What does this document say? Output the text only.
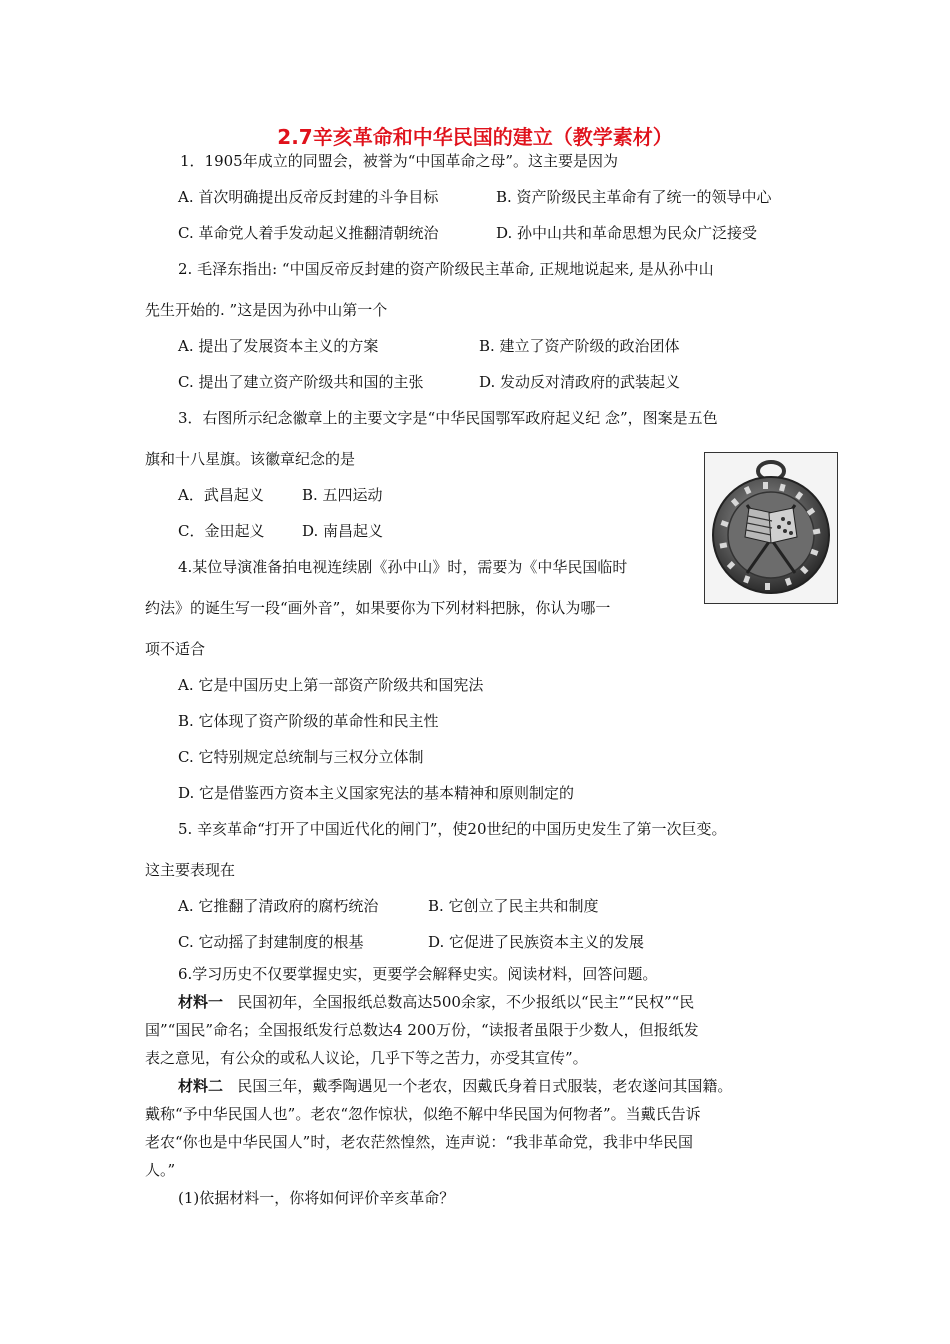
2.7辛亥革命和中华民国的建立（教学素材）
1．1905年成立的同盟会，被誉为“中国革命之母”。这主要是因为
A. 首次明确提出反帝反封建的斗争目标	B. 资产阶级民主革命有了统一的领导中心
C. 革命党人着手发动起义推翻清朝统治	D. 孙中山共和革命思想为民众广泛接受
2. 毛泽东指出: “中国反帝反封建的资产阶级民主革命, 正规地说起来, 是从孙中山
先生开始的. ”这是因为孙中山第一个
A. 提出了发展资本主义的方案	B. 建立了资产阶级的政治团体
C. 提出了建立资产阶级共和国的主张	D. 发动反对清政府的武装起义
3．右图所示纪念徽章上的主要文字是“中华民国鄂军政府起义纪 念”，图案是五色
旗和十八星旗。该徽章纪念的是
A．武昌起义	B. 五四运动
C．金田起义	D. 南昌起义
4.某位导演准备拍电视连续剧《孙中山》时，需要为《中华民国临时
约法》的诞生写一段“画外音”，如果要你为下列材料把脉，你认为哪一
项不适合
A. 它是中国历史上第一部资产阶级共和国宪法
B. 它体现了资产阶级的革命性和民主性
C. 它特别规定总统制与三权分立体制
D. 它是借鉴西方资本主义国家宪法的基本精神和原则制定的
5. 辛亥革命“打开了中国近代化的闸门”，使20世纪的中国历史发生了第一次巨变。
这主要表现在
A. 它推翻了清政府的腐朽统治	B. 它创立了民主共和制度
C. 它动摇了封建制度的根基	D. 它促进了民族资本主义的发展
6.学习历史不仅要掌握史实，更要学会解释史实。阅读材料，回答问题。
材料一 民国初年，全国报纸总数高达500余家，不少报纸以“民主”“民权”“民
国”“国民”命名；全国报纸发行总数达4 200万份，“读报者虽限于少数人，但报纸发
表之意见，有公众的或私人议论，几乎下等之苦力，亦受其宣传”。
材料二 民国三年，戴季陶遇见一个老农，因戴氏身着日式服装，老农遂问其国籍。
戴称“予中华民国人也”。老农“忽作惊状，似绝不解中华民国为何物者”。当戴氏告诉
老农“你也是中华民国人”时，老农茫然惶然，连声说：“我非革命党，我非中华民国
人。”
(1)依据材料一，你将如何评价辛亥革命？
